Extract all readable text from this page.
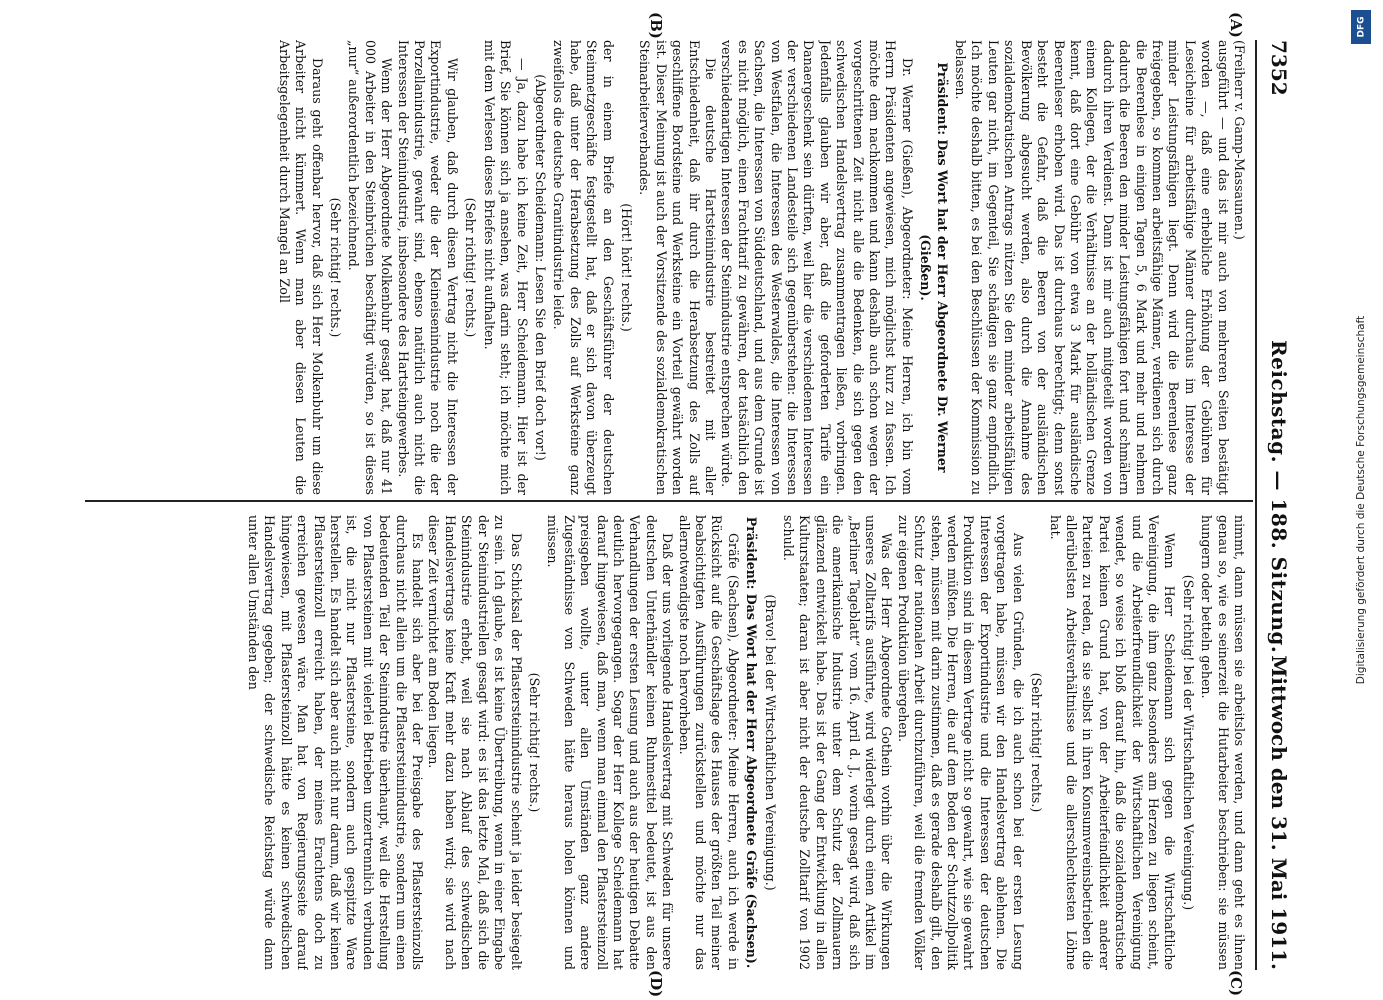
7352
Reichstag. — 188. Sitzung.
Mittwoch den 31. Mai 1911.
(A)
(B)
(C)
(D)

(Freiherr v. Gamp-Massaunen.)

ausgeführt — und das ist mir auch von mehreren Seiten bestätigt worden —, daß eine erhebliche Erhöhung der Gebühren für Leseicheine für arbeitsfähige Männer durchaus im Interesse der minder Leistungsfähigen liegt. Denn wird die Beerenlese ganz freigegeben, so kommen arbeitsfähige Männer, verdienen sich durch die Beerenlese in einigen Tagen 5, 6 Mark und mehr und nehmen dadurch die Beeren den minder Leistungsfähigen fort und schmälern dadurch ihren Verdienst. Dann ist mir auch mitgeteilt worden von einem Kollegen, der die Verhältnisse an der holländischen Grenze kennt, daß dort eine Gebühr von etwa 3 Mark für ausländische Beerenleser erhoben wird. Das ist durchaus berechtigt; denn sonst besteht die Gefahr, daß die Beeren von der ausländischen Bevölkerung abgesucht werden, also durch die Annahme des sozialdemokratischen Antrags nützen Sie den minder arbeitsfähigen Leuten gar nicht, im Gegenteil, Sie schädigen sie ganz empfindlich. Ich möchte deshalb bitten, es bei den Beschlüssen der Kommission zu belassen.

Präsident: Das Wort hat der Herr Abgeordnete Dr. Werner (Gießen).

Dr. Werner (Gießen), Abgeordneter: Meine Herren, ich bin vom Herrn Präsidenten angewiesen, mich möglichst kurz zu fassen. Ich möchte dem nachkommen und kann deshalb auch schon wegen der vorgeschrittenen Zeit nicht alle die Bedenken, die sich gegen den schwedischen Handelsvertrag zusammentragen ließen, vorbringen. Jedenfalls glauben wir aber, daß die geforderten Tarife ein Danaergeschenk sein dürften, weil hier die verschiedenen Interessen der verschiedenen Landesteile sich gegenüberstehen: die Interessen von Westfalen, die Interessen des Westerwaldes, die Interessen von Sachsen, die Interessen von Süddeutschland, und aus dem Grunde ist es nicht möglich, einen Frachttarif zu gewähren, der tatsächlich den verschiedenartigen Interessen der Steinindustrie entsprechen würde.

Die deutsche Hartsteinindustrie bestreitet mit aller Entschiedenheit, daß ihr durch die Herabsetzung des Zolls auf geschliffene Bordsteine und Werksteine ein Vorteil gewährt worden ist. Dieser Meinung ist auch der Vorsitzende des sozialdemokratischen Steinarbeiterverbandes.

(Hört! hört! rechts.)

der in einem Briefe an den Geschäftsführer der deutschen Steinmetzgeschäfte festgestellt hat, daß er sich davon überzeugt habe, daß unter der Herabsetzung des Zolls auf Werksteine ganz zweifellos die deutsche Granitindustrie leide.

(Abgeordneter Scheidemann: Lesen Sie den Brief doch vor!)

— Ja, dazu habe ich keine Zeit, Herr Scheidemann. Hier ist der Brief, Sie können sich ja ansehen, was darin steht; ich möchte mich mit dem Verlesen dieses Briefes nicht aufhalten.

(Sehr richtig! rechts.)

Wir glauben, daß durch diesen Vertrag nicht die Interessen der Exportindustrie, weder die der Kleineisenindustrie noch die der Porzellanindustrie, gewahrt sind, ebenso natürlich auch nicht die Interessen der Steinindustrie, insbesondere des Hartsteingewerbes.

Wenn der Herr Abgeordnete Molkenbuhr gesagt hat, daß nur 41 000 Arbeiter in den Steinbrüchen beschäftigt würden, so ist dieses „nur“ außerordentlich bezeichnend.

(Sehr richtig! rechts.)

Daraus geht offenbar hervor, daß sich Herr Molkenbuhr um diese Arbeiter nicht kümmert. Wenn man aber diesen Leuten die Arbeitsgelegenheit durch Mangel an Zoll

nimmt, dann müssen sie arbeitslos werden, und dann geht es ihnen genau so, wie es seinerzeit die Hutarbeiter beschrieben: sie müssen hungern oder betteln gehen.

(Sehr richtig! bei der Wirtschaftlichen Vereinigung.)

Wenn Herr Scheidemann sich gegen die Wirtschaftliche Vereinigung, die ihm ganz besonders am Herzen zu liegen scheint, und die Arbeiterfreundlichkeit der Wirtschaftlichen Vereinigung wendet, so weise ich bloß darauf hin, daß die sozialdemokratische Partei keinen Grund hat, von der Arbeiterfeindlichkeit anderer Parteien zu reden, da sie selbst in ihren Konsumvereinsbetrieben die allerübelsten Arbeitsverhältnisse und die allerschlechtesten Löhne hat.

(Sehr richtig! rechts.)

Aus vielen Gründen, die ich auch schon bei der ersten Lesung vorgetragen habe, müssen wir den Handelsvertrag ablehnen. Die Interessen der Exportindustrie und die Interessen der deutschen Produktion sind in diesem Vertrage nicht so gewahrt, wie sie gewahrt werden müßten. Die Herren, die auf dem Boden der Schutzzollpolitik stehen, müssen mit darin zustimmen, daß es gerade deshalb gilt, den Schutz der nationalen Arbeit durchzuführen, weil die fremden Völker zur eigenen Produktion übergehen.

Was der Herr Abgeordnete Gothein vorhin über die Wirkungen unseres Zolltarifs ausführte, wird widerlegt durch einen Artikel im „Berliner Tageblatt“ vom 16. April d. J., worin gesagt wird, daß sich die amerikanische Industrie unter dem Schutz der Zollmauern glänzend entwickelt habe. Das ist der Gang der Entwicklung in allen Kulturstaaten; daran ist aber nicht der deutsche Zolltarif von 1902 schuld.

(Bravo! bei der Wirtschaftlichen Vereinigung.)

Präsident: Das Wort hat der Herr Abgeordnete Gräfe (Sachsen).

Gräfe (Sachsen), Abgeordneter: Meine Herren, auch ich werde in Rücksicht auf die Geschäftslage des Hauses der größten Teil meiner beabsichtigten Ausführungen zurückstellen und möchte nur das allernotwendigste noch hervorheben.

Daß der uns vorliegende Handelsvertrag mit Schweden für unsere deutschen Unterhändler keinen Ruhmestitel bedeutet, ist aus den Verhandlungen der ersten Lesung und auch aus der heutigen Debatte deutlich hervorgegangen. Sogar der Herr Kollege Scheidemann hat darauf hingewiesen, daß man, wenn man einmal den Pflastersteinzoll preisgeben wollte, unter allen Umständen ganz andere Zugeständnisse von Schweden hätte heraus holen können und müssen.

(Sehr richtig! rechts.)

Das Schicksal der Pflastersteinindustrie scheint ja leider besiegelt zu sein. Ich glaube, es ist keine Übertreibung, wenn in einer Eingabe der Steinindustriellen gesagt wird: es ist das letzte Mal, daß sich die Steinindustrie erhebt, weil sie nach Ablauf des schwedischen Handelsvertrags keine Kraft mehr dazu haben wird; sie wird nach dieser Zeit vernichtet am Boden liegen.

Es handelt sich aber bei der Preisgabe des Pflastersteinzolls durchaus nicht allein um die Pflastersteinindustrie, sondern um einen bedeutenden Teil der Steinindustrie überhaupt, weil die Herstellung von Pflastersteinen mit vielerlei Betrieben unzertrennlich verbunden ist, die nicht nur Pflastersteine, sondern auch gespitzte Ware herstellen. Es handelt sich aber auch nicht nur darum, daß wir keinen Pflastersteinzoll erreicht haben, der meines Erachtens doch zu erreichen gewesen wäre. Man hat von Regierungsseite darauf hingewiesen, mit Pflastersteinzoll hätte es keinen schwedischen Handelsvertrag gegeben; der schwedische Reichstag würde dann unter allen Umständen den

DFG
Digitalisierung gefördert durch die Deutsche Forschungsgemeinschaft
